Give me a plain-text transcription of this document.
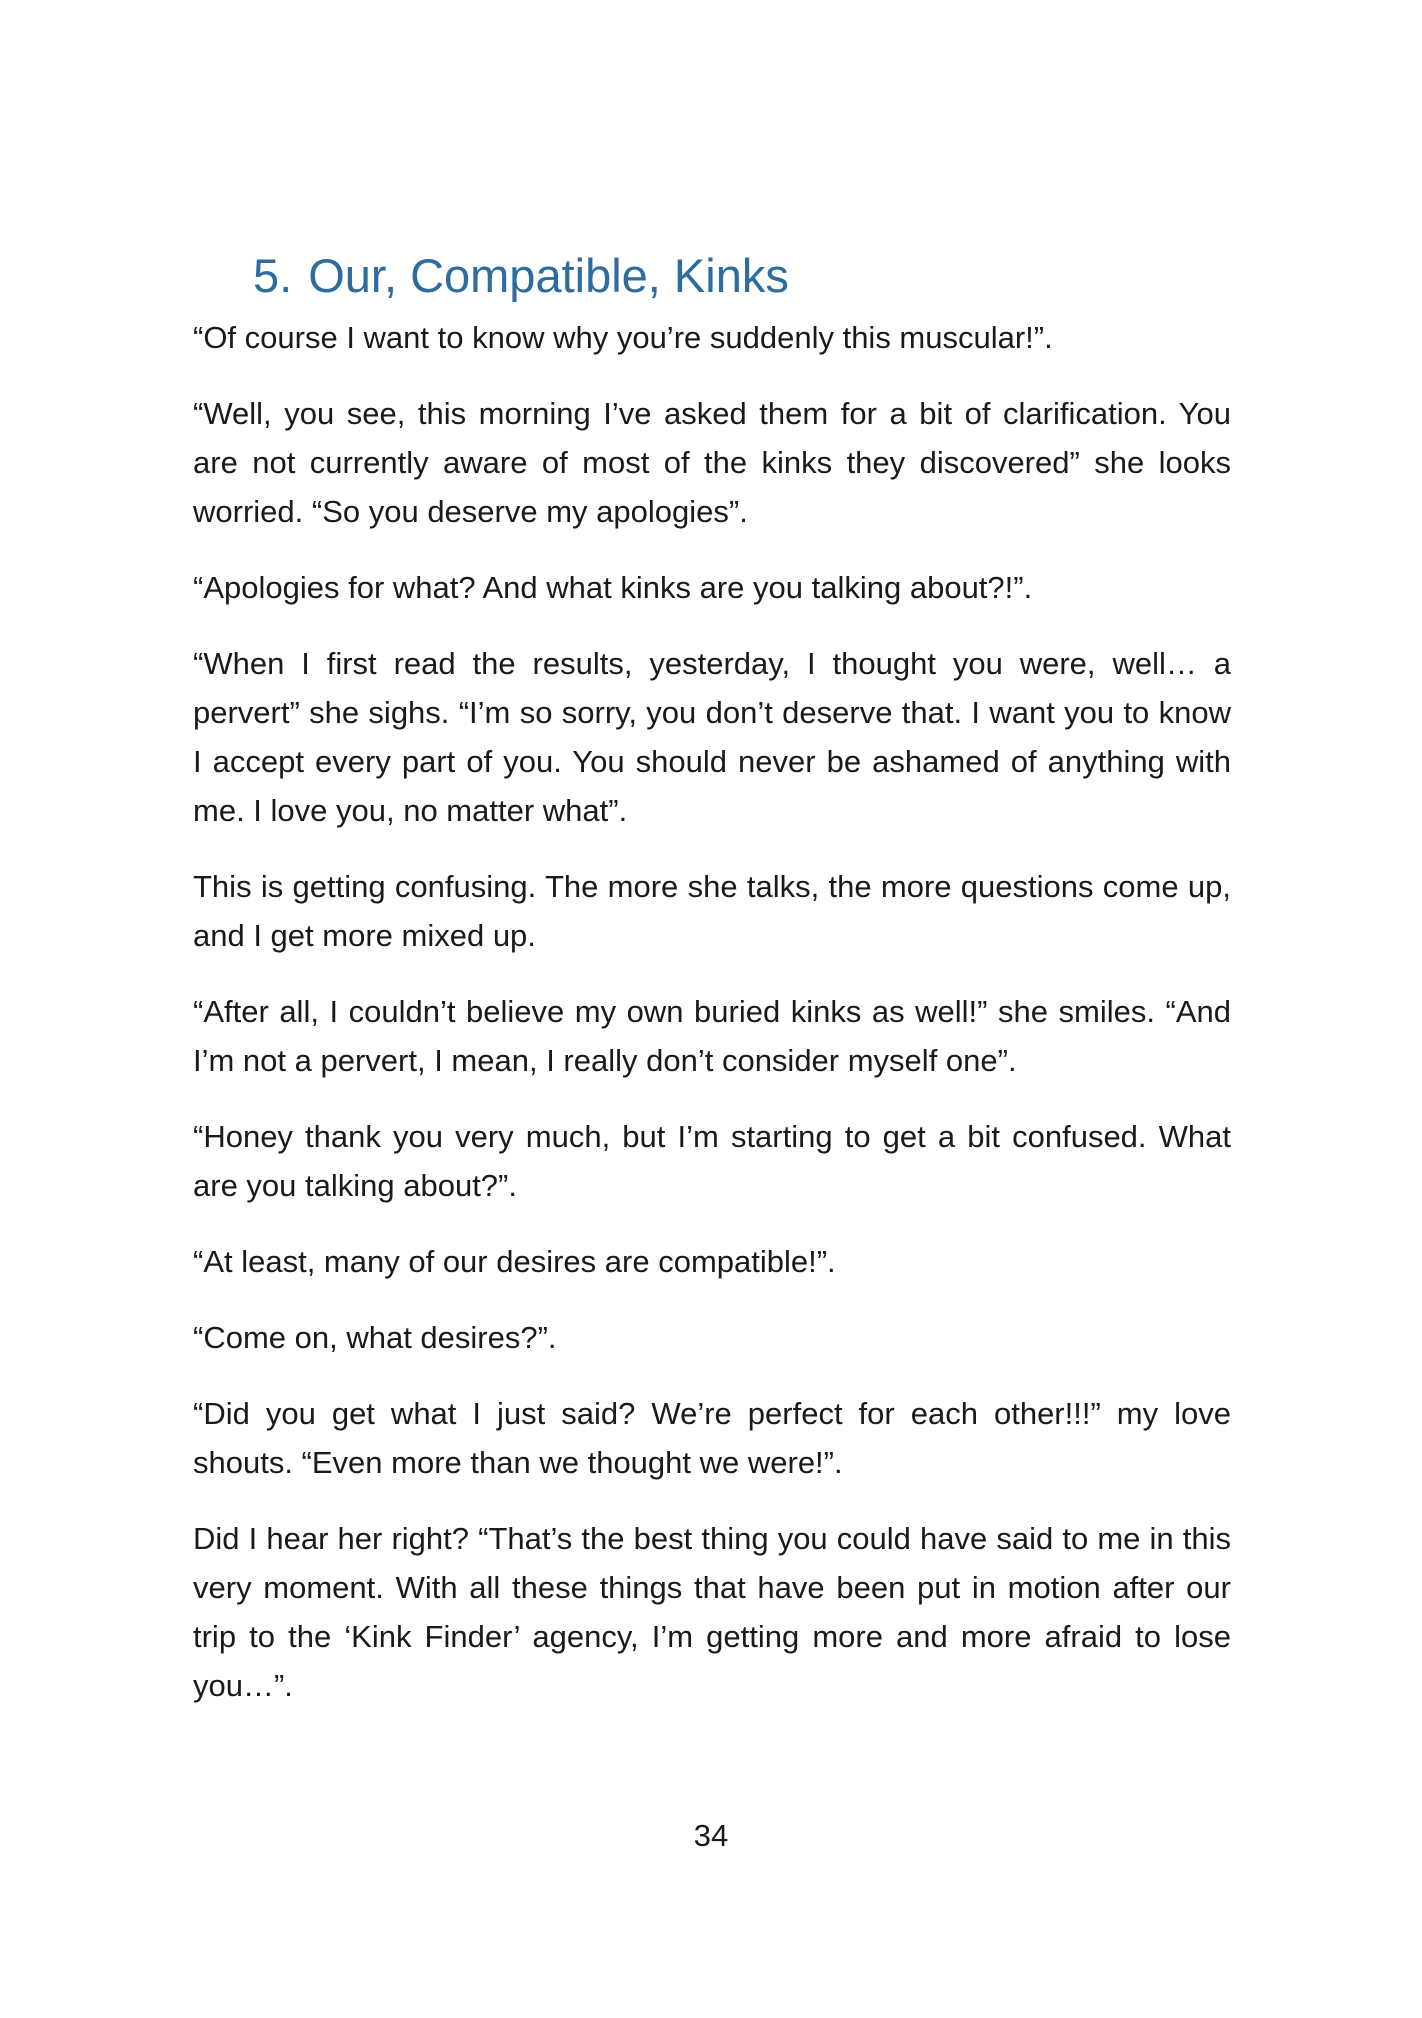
5. Our, Compatible, Kinks

“Of course I want to know why you’re suddenly this muscular!”.

“Well, you see, this morning I’ve asked them for a bit of clarification. You are not currently aware of most of the kinks they discovered” she looks worried. “So you deserve my apologies”.

“Apologies for what? And what kinks are you talking about?!”.

“When I first read the results, yesterday, I thought you were, well… a pervert” she sighs. “I’m so sorry, you don’t deserve that. I want you to know I accept every part of you. You should never be ashamed of anything with me. I love you, no matter what”.

This is getting confusing. The more she talks, the more questions come up, and I get more mixed up.

“After all, I couldn’t believe my own buried kinks as well!” she smiles. “And I’m not a pervert, I mean, I really don’t consider myself one”.

“Honey thank you very much, but I’m starting to get a bit confused. What are you talking about?”.

“At least, many of our desires are compatible!”.

“Come on, what desires?”.

“Did you get what I just said? We’re perfect for each other!!!” my love shouts. “Even more than we thought we were!”.

Did I hear her right? “That’s the best thing you could have said to me in this very moment. With all these things that have been put in motion after our trip to the ‘Kink Finder’ agency, I’m getting more and more afraid to lose you…”.

34
